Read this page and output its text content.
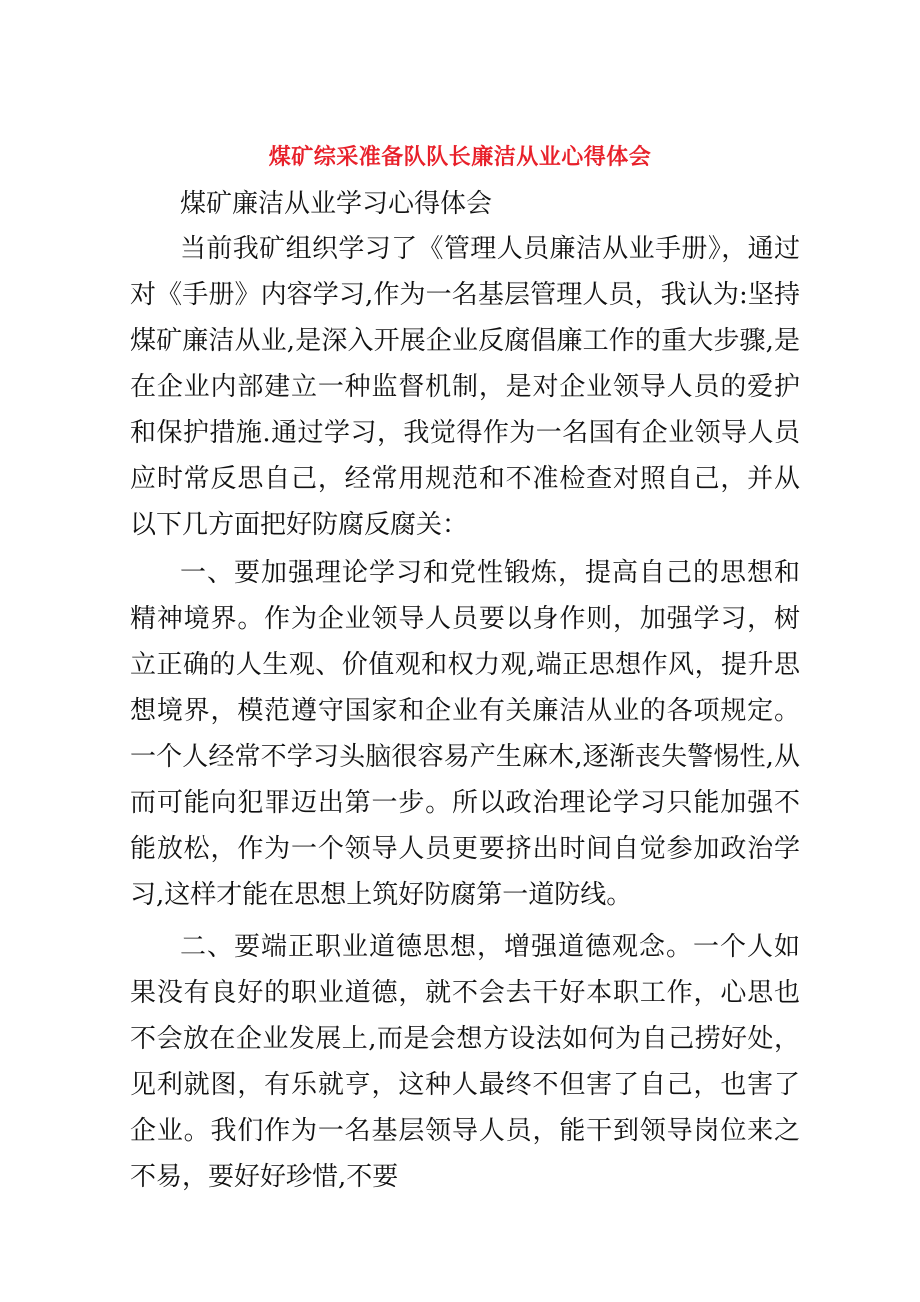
煤矿综采准备队队长廉洁从业心得体会
煤矿廉洁从业学习心得体会
当前我矿组织学习了《管理人员廉洁从业手册》，通过对《手册》内容学习,作为一名基层管理人员，我认为:坚持煤矿廉洁从业,是深入开展企业反腐倡廉工作的重大步骤,是在企业内部建立一种监督机制，是对企业领导人员的爱护和保护措施.通过学习，我觉得作为一名国有企业领导人员应时常反思自己，经常用规范和不准检查对照自己，并从以下几方面把好防腐反腐关：
一、要加强理论学习和党性锻炼，提高自己的思想和精神境界。作为企业领导人员要以身作则，加强学习，树立正确的人生观、价值观和权力观,端正思想作风，提升思想境界，模范遵守国家和企业有关廉洁从业的各项规定。一个人经常不学习头脑很容易产生麻木,逐渐丧失警惕性,从而可能向犯罪迈出第一步。所以政治理论学习只能加强不能放松，作为一个领导人员更要挤出时间自觉参加政治学习,这样才能在思想上筑好防腐第一道防线。
二、要端正职业道德思想，增强道德观念。一个人如果没有良好的职业道德，就不会去干好本职工作，心思也不会放在企业发展上,而是会想方设法如何为自己捞好处，见利就图，有乐就亨，这种人最终不但害了自己，也害了企业。我们作为一名基层领导人员，能干到领导岗位来之不易，要好好珍惜,不要
